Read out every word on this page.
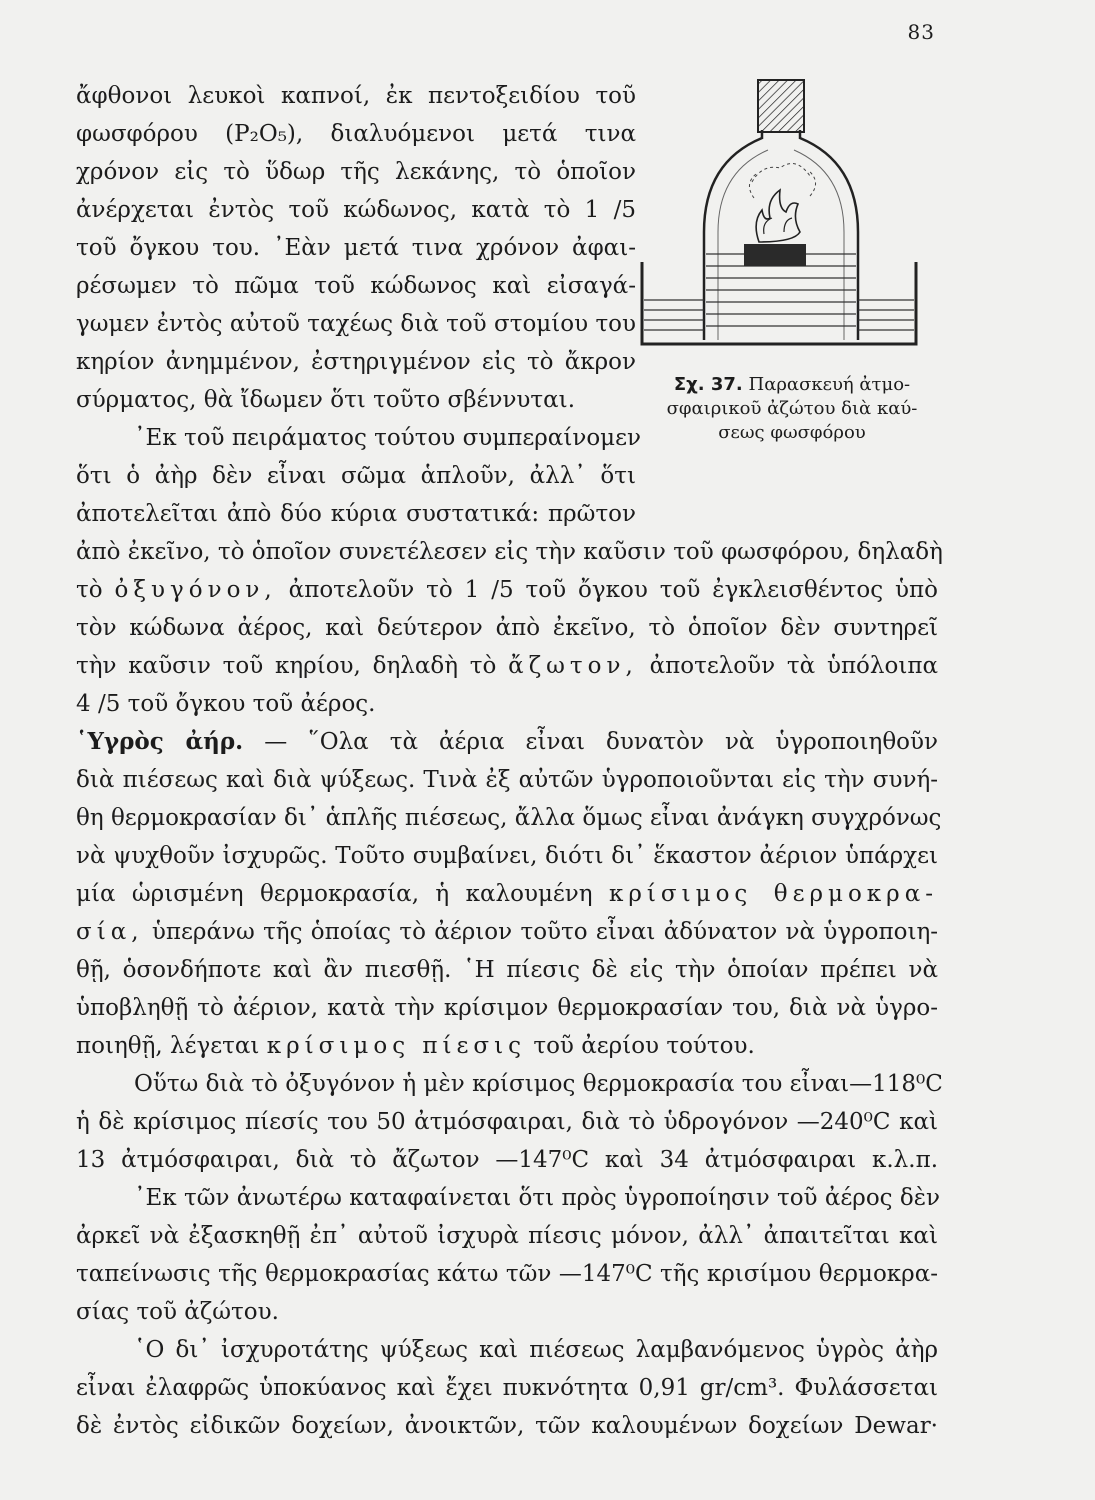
83
Σχ. 37. Παρασκευή ἀτμο-
σφαιρικοῦ ἀζώτου διὰ καύ-
σεως φωσφόρου
ἄφθονοι λευκοὶ καπνοί, ἐκ πεντοξειδίου τοῦ
φωσφόρου (P₂O₅), διαλυόμενοι μετά τινα
χρόνον εἰς τὸ ὕδωρ τῆς λεκάνης, τὸ ὁποῖον
ἀνέρχεται ἐντὸς τοῦ κώδωνος, κατὰ τὸ 1 /5
τοῦ ὄγκου του. ᾿Εὰν μετά τινα χρόνον ἀφαι-
ρέσωμεν τὸ πῶμα τοῦ κώδωνος καὶ εἰσαγά-
γωμεν ἐντὸς αὐτοῦ ταχέως διὰ τοῦ στομίου του
κηρίον ἀνημμένον, ἐστηριγμένον εἰς τὸ ἄκρον
σύρματος, θὰ ἴδωμεν ὅτι τοῦτο σβέννυται.
᾿Εκ τοῦ πειράματος τούτου συμπεραίνομεν
ὅτι ὁ ἀὴρ δὲν εἶναι σῶμα ἁπλοῦν, ἀλλ᾽ ὅτι
ἀποτελεῖται ἀπὸ δύο κύρια συστατικά: πρῶτον
ἀπὸ ἐκεῖνο, τὸ ὁποῖον συνετέλεσεν εἰς τὴν καῦσιν τοῦ φωσφόρου, δηλαδὴ
τὸ ὀξυγόνον, ἀποτελοῦν τὸ 1 /5 τοῦ ὄγκου τοῦ ἐγκλεισθέντος ὑπὸ
τὸν κώδωνα ἀέρος, καὶ δεύτερον ἀπὸ ἐκεῖνο, τὸ ὁποῖον δὲν συντηρεῖ
τὴν καῦσιν τοῦ κηρίου, δηλαδὴ τὸ ἄζωτον, ἀποτελοῦν τὰ ὑπόλοιπα
4 /5 τοῦ ὄγκου τοῦ ἀέρος.
῾Υγρὸς ἀήρ. — ῞Ολα τὰ ἀέρια εἶναι δυνατὸν νὰ ὑγροποιηθοῦν
διὰ πιέσεως καὶ διὰ ψύξεως. Τινὰ ἐξ αὐτῶν ὑγροποιοῦνται εἰς τὴν συνή-
θη θερμοκρασίαν δι᾽ ἁπλῆς πιέσεως, ἄλλα ὅμως εἶναι ἀνάγκη συγχρόνως
νὰ ψυχθοῦν ἰσχυρῶς. Τοῦτο συμβαίνει, διότι δι᾽ ἕκαστον ἀέριον ὑπάρχει
μία ὡρισμένη θερμοκρασία, ἡ καλουμένη κρίσιμος θερμοκρα-
σία, ὑπεράνω τῆς ὁποίας τὸ ἀέριον τοῦτο εἶναι ἀδύνατον νὰ ὑγροποιη-
θῇ, ὁσονδήποτε καὶ ἂν πιεσθῇ. ῾Η πίεσις δὲ εἰς τὴν ὁποίαν πρέπει νὰ
ὑποβληθῇ τὸ ἀέριον, κατὰ τὴν κρίσιμον θερμοκρασίαν του, διὰ νὰ ὑγρο-
ποιηθῇ, λέγεται κρίσιμος πίεσις τοῦ ἀερίου τούτου.
Οὕτω διὰ τὸ ὀξυγόνον ἡ μὲν κρίσιμος θερμοκρασία του εἶναι—118⁰C
ἡ δὲ κρίσιμος πίεσίς του 50 ἀτμόσφαιραι, διὰ τὸ ὑδρογόνον —240⁰C καὶ
13 ἀτμόσφαιραι, διὰ τὸ ἄζωτον —147⁰C καὶ 34 ἀτμόσφαιραι κ.λ.π.
᾿Εκ τῶν ἀνωτέρω καταφαίνεται ὅτι πρὸς ὑγροποίησιν τοῦ ἀέρος δὲν
ἀρκεῖ νὰ ἐξασκηθῇ ἐπ᾽ αὐτοῦ ἰσχυρὰ πίεσις μόνον, ἀλλ᾽ ἀπαιτεῖται καὶ
ταπείνωσις τῆς θερμοκρασίας κάτω τῶν —147⁰C τῆς κρισίμου θερμοκρα-
σίας τοῦ ἀζώτου.
῾Ο δι᾽ ἰσχυροτάτης ψύξεως καὶ πιέσεως λαμβανόμενος ὑγρὸς ἀὴρ
εἶναι ἐλαφρῶς ὑποκύανος καὶ ἔχει πυκνότητα 0,91 gr/cm³. Φυλάσσεται
δὲ ἐντὸς εἰδικῶν δοχείων, ἀνοικτῶν, τῶν καλουμένων δοχείων Dewar·
